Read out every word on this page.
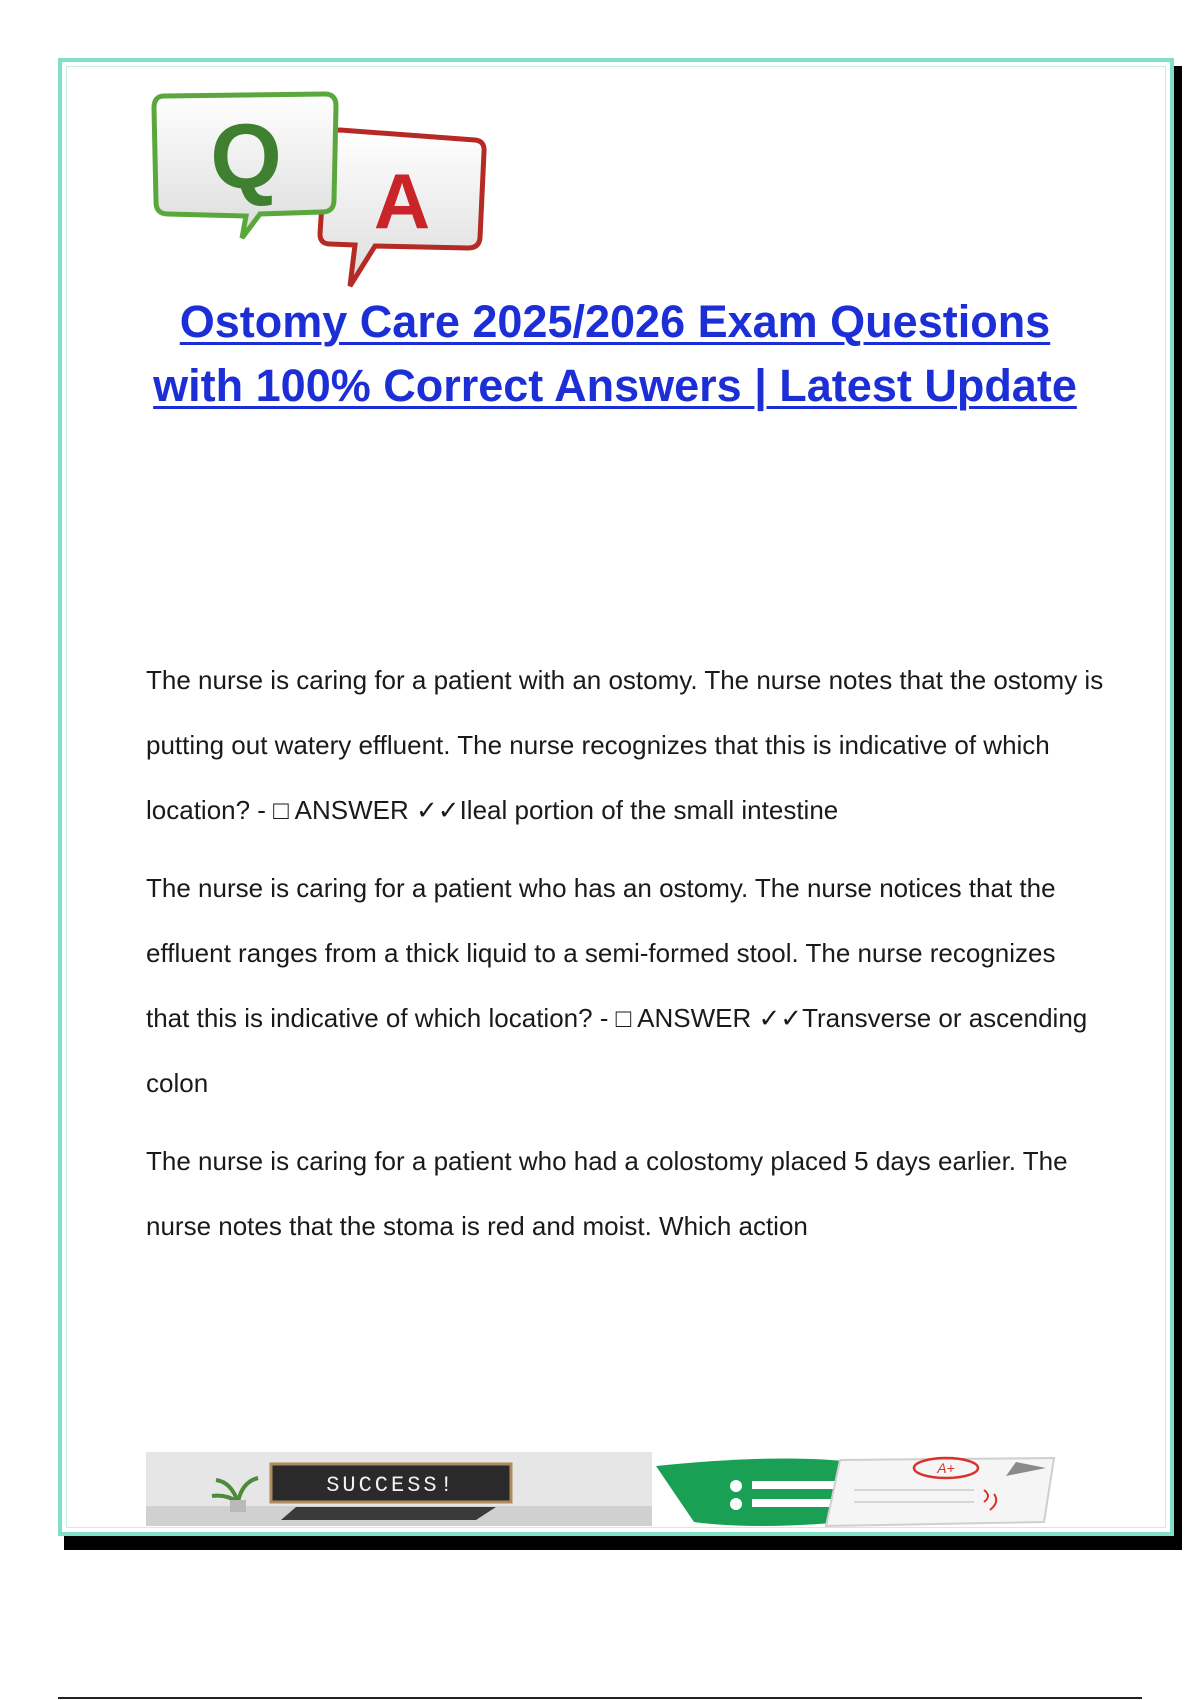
A
Q
Ostomy Care 2025/2026 Exam Questions with 100% Correct Answers | Latest Update

The nurse is caring for a patient with an ostomy. The nurse notes that the ostomy is putting out watery effluent. The nurse recognizes that this is indicative of which location? - □ ANSWER ✓✓Ileal portion of the small intestine

The nurse is caring for a patient who has an ostomy. The nurse notices that the effluent ranges from a thick liquid to a semi-formed stool. The nurse recognizes that this is indicative of which location? - □ ANSWER ✓✓Transverse or ascending colon

The nurse is caring for a patient who had a colostomy placed 5 days earlier. The nurse notes that the stoma is red and moist. Which action

SUCCESS!
A+
